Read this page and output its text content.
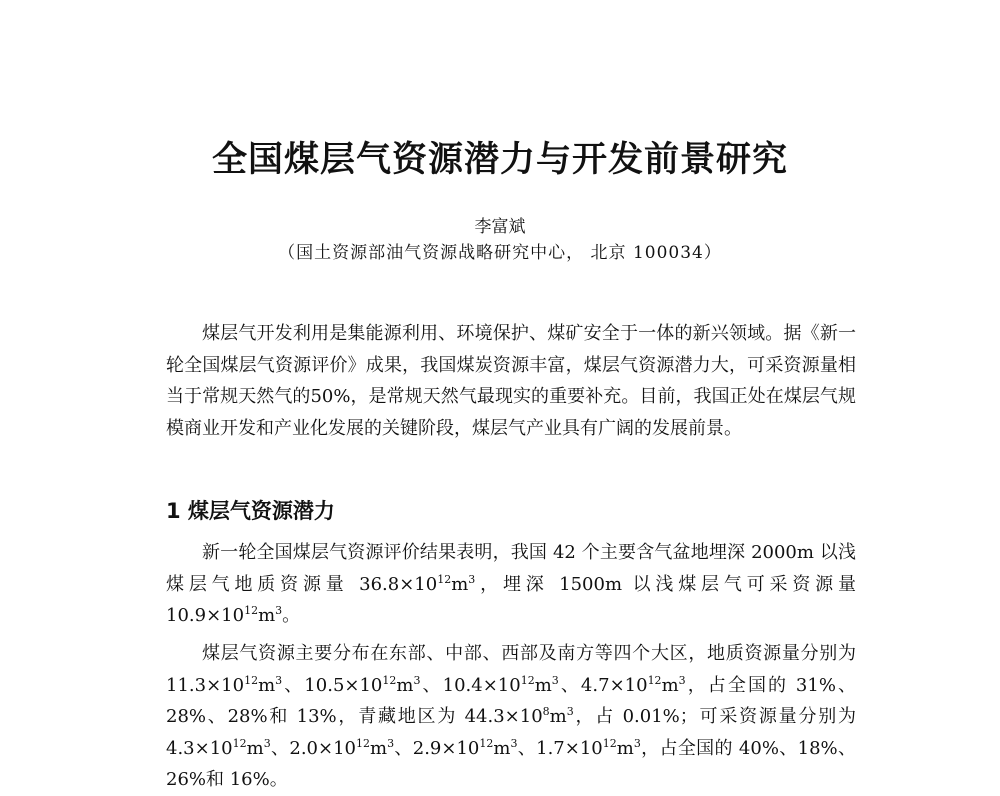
全国煤层气资源潜力与开发前景研究
李富斌
（国土资源部油气资源战略研究中心， 北京 100034）

煤层气开发利用是集能源利用、环境保护、煤矿安全于一体的新兴领域。据《新一轮全国煤层气资源评价》成果，我国煤炭资源丰富，煤层气资源潜力大，可采资源量相当于常规天然气的50%，是常规天然气最现实的重要补充。目前，我国正处在煤层气规模商业开发和产业化发展的关键阶段，煤层气产业具有广阔的发展前景。

1 煤层气资源潜力

新一轮全国煤层气资源评价结果表明，我国 42 个主要含气盆地埋深 2000m 以浅煤层气地质资源量 $36.8\times 10^{12}m^3$，埋深 1500m 以浅煤层气可采资源量 $10.9\times 10^{12}m^3$。

煤层气资源主要分布在东部、中部、西部及南方等四个大区，地质资源量分别为 $11.3\times 10^{12}m^3$、$10.5\times 10^{12}m^3$、$10.4\times 10^{12}m^3$、$4.7\times 10^{12}m^3$，占全国的 31%、28%、28%和 13%，青藏地区为 $44.3\times 10^8m^3$，占 0.01%；可采资源量分别为 $4.3\times 10^{12}m^3$、$2.0\times 10^{12}m^3$、$2.9\times 10^{12}m^3$、$1.7\times 10^{12}m^3$，占全国的 40%、18%、26%和 16%。
